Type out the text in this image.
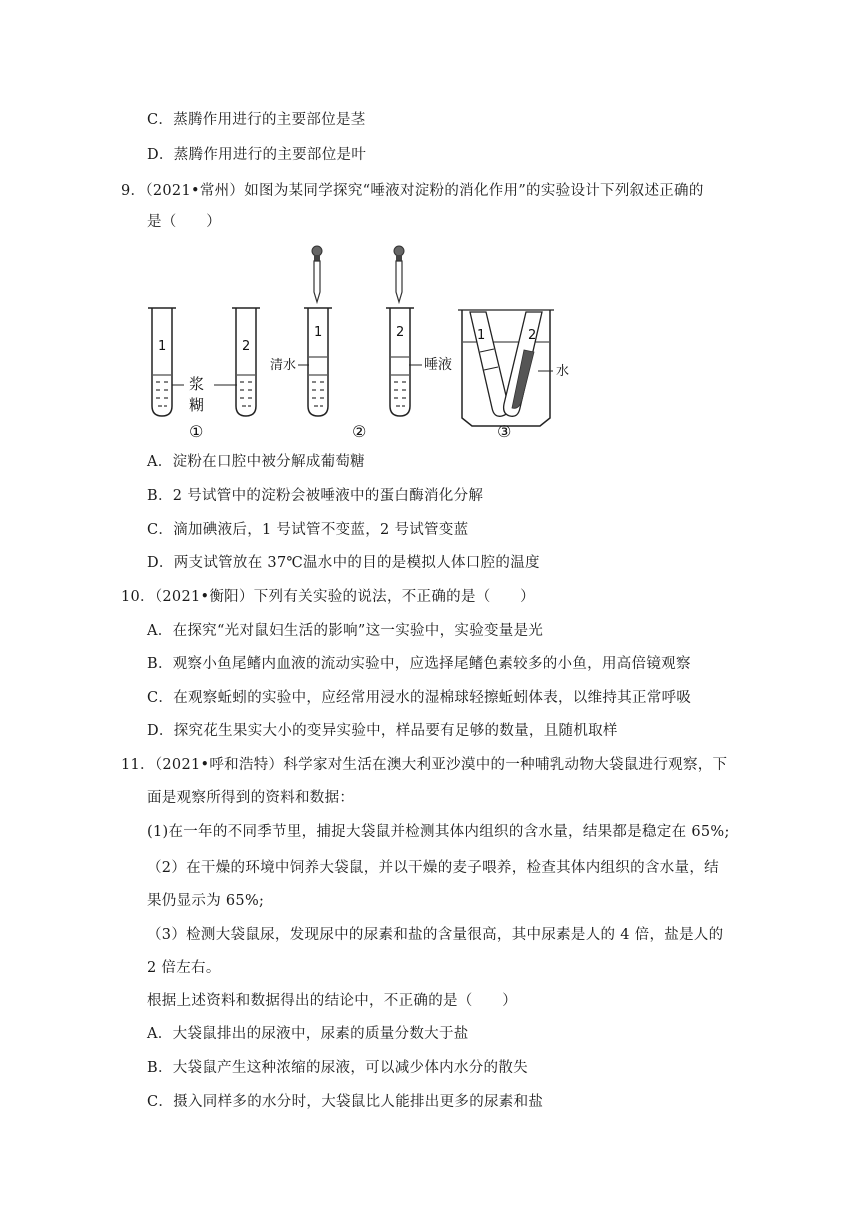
C．蒸腾作用进行的主要部位是茎
D．蒸腾作用进行的主要部位是叶
9．（2021•常州）如图为某同学探究“唾液对淀粉的消化作用”的实验设计下列叙述正确的
是（　　）
1	2
浆
糊
①
1
清水
2
唾液
②
1	2
水
③
A．淀粉在口腔中被分解成葡萄糖
B．2 号试管中的淀粉会被唾液中的蛋白酶消化分解
C．滴加碘液后，1 号试管不变蓝，2 号试管变蓝
D．两支试管放在 37℃温水中的目的是模拟人体口腔的温度
10．（2021•衡阳）下列有关实验的说法，不正确的是（　　）
A．在探究“光对鼠妇生活的影响”这一实验中，实验变量是光
B．观察小鱼尾鳍内血液的流动实验中，应选择尾鳍色素较多的小鱼，用高倍镜观察
C．在观察蚯蚓的实验中，应经常用浸水的湿棉球轻擦蚯蚓体表，以维持其正常呼吸
D．探究花生果实大小的变异实验中，样品要有足够的数量，且随机取样
11．（2021•呼和浩特）科学家对生活在澳大利亚沙漠中的一种哺乳动物大袋鼠进行观察，下
面是观察所得到的资料和数据：
(1)在一年的不同季节里，捕捉大袋鼠并检测其体内组织的含水量，结果都是稳定在 65%;
（2）在干燥的环境中饲养大袋鼠，并以干燥的麦子喂养，检查其体内组织的含水量，结
果仍显示为 65%;
（3）检测大袋鼠尿，发现尿中的尿素和盐的含量很高，其中尿素是人的 4 倍，盐是人的
2 倍左右。
根据上述资料和数据得出的结论中，不正确的是（　　）
A．大袋鼠排出的尿液中，尿素的质量分数大于盐
B．大袋鼠产生这种浓缩的尿液，可以减少体内水分的散失
C．摄入同样多的水分时，大袋鼠比人能排出更多的尿素和盐
